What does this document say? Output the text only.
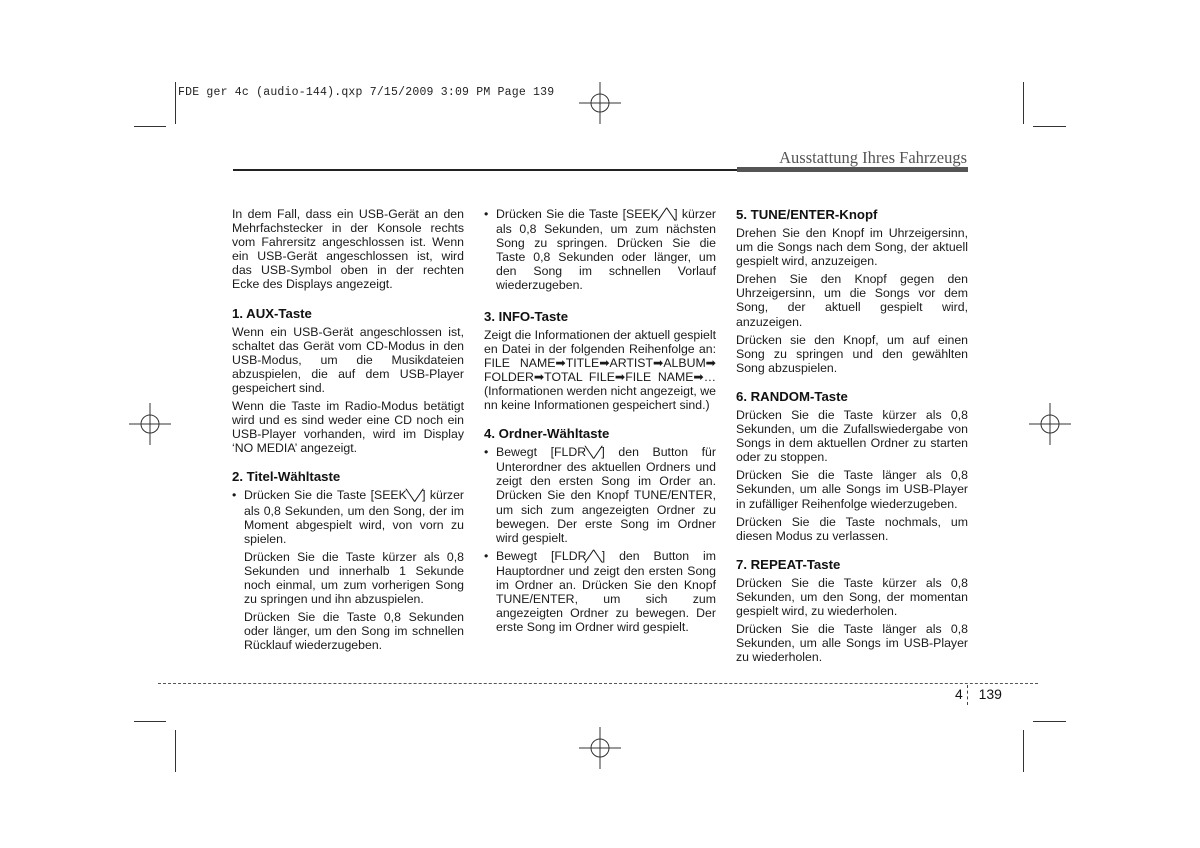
FDE ger 4c (audio-144).qxp 7/15/2009 3:09 PM Page 139
Ausstattung Ihres Fahrzeugs

In dem Fall, dass ein USB-Gerät an den Mehrfachstecker in der Konsole rechts vom Fahrersitz angeschlossen ist. Wenn ein USB-Gerät angeschlossen ist, wird das USB-Symbol oben in der rechten Ecke des Displays angezeigt.

1. AUX-Taste

Wenn ein USB-Gerät angeschlossen ist, schaltet das Gerät vom CD-Modus in den USB-Modus, um die Musikdateien abzuspielen, die auf dem USB-Player gespeichert sind.

Wenn die Taste im Radio-Modus betätigt wird und es sind weder eine CD noch ein USB-Player vorhanden, wird im Display ‘NO MEDIA’ angezeigt.

2. Titel-Wähltaste
• Drücken Sie die Taste [SEEK╲╱] kürzer als 0,8 Sekunden, um den Song, der im Moment abgespielt wird, von vorn zu spielen.
Drücken Sie die Taste kürzer als 0,8 Sekunden und innerhalb 1 Sekunde noch einmal, um zum vorherigen Song zu springen und ihn abzuspielen.
Drücken Sie die Taste 0,8 Sekunden oder länger, um den Song im schnellen Rücklauf wiederzugeben.
• Drücken Sie die Taste [SEEK╱╲] kürzer als 0,8 Sekunden, um zum nächsten Song zu springen. Drücken Sie die Taste 0,8 Sekunden oder länger, um den Song im schnellen Vorlauf wiederzugeben.
3. INFO-Taste

Zeigt die Informationen der aktuell gespielten Datei in der folgenden Reihenfolge an: FILE NAME➡TITLE➡ARTIST➡ALBUM➡FOLDER➡TOTAL FILE➡FILE NAME➡… (Informationen werden nicht angezeigt, wenn keine Informationen gespeichert sind.)

4. Ordner-Wähltaste
• Bewegt [FLDR╲╱] den Button für Unterordner des aktuellen Ordners und zeigt den ersten Song im Order an. Drücken Sie den Knopf TUNE/ENTER, um sich zum angezeigten Ordner zu bewegen. Der erste Song im Ordner wird gespielt.
• Bewegt [FLDR╱╲] den Button im Hauptordner und zeigt den ersten Song im Ordner an. Drücken Sie den Knopf TUNE/ENTER, um sich zum angezeigten Ordner zu bewegen. Der erste Song im Ordner wird gespielt.
5. TUNE/ENTER-Knopf

Drehen Sie den Knopf im Uhrzeigersinn, um die Songs nach dem Song, der aktuell gespielt wird, anzuzeigen.

Drehen Sie den Knopf gegen den Uhrzeigersinn, um die Songs vor dem Song, der aktuell gespielt wird, anzuzeigen.

Drücken sie den Knopf, um auf einen Song zu springen und den gewählten Song abzuspielen.

6. RANDOM-Taste

Drücken Sie die Taste kürzer als 0,8 Sekunden, um die Zufallswiedergabe von Songs in dem aktuellen Ordner zu starten oder zu stoppen.

Drücken Sie die Taste länger als 0,8 Sekunden, um alle Songs im USB-Player in zufälliger Reihenfolge wiederzugeben.

Drücken Sie die Taste nochmals, um diesen Modus zu verlassen.

7. REPEAT-Taste

Drücken Sie die Taste kürzer als 0,8 Sekunden, um den Song, der momentan gespielt wird, zu wiederholen.

Drücken Sie die Taste länger als 0,8 Sekunden, um alle Songs im USB-Player zu wiederholen.

4 139
